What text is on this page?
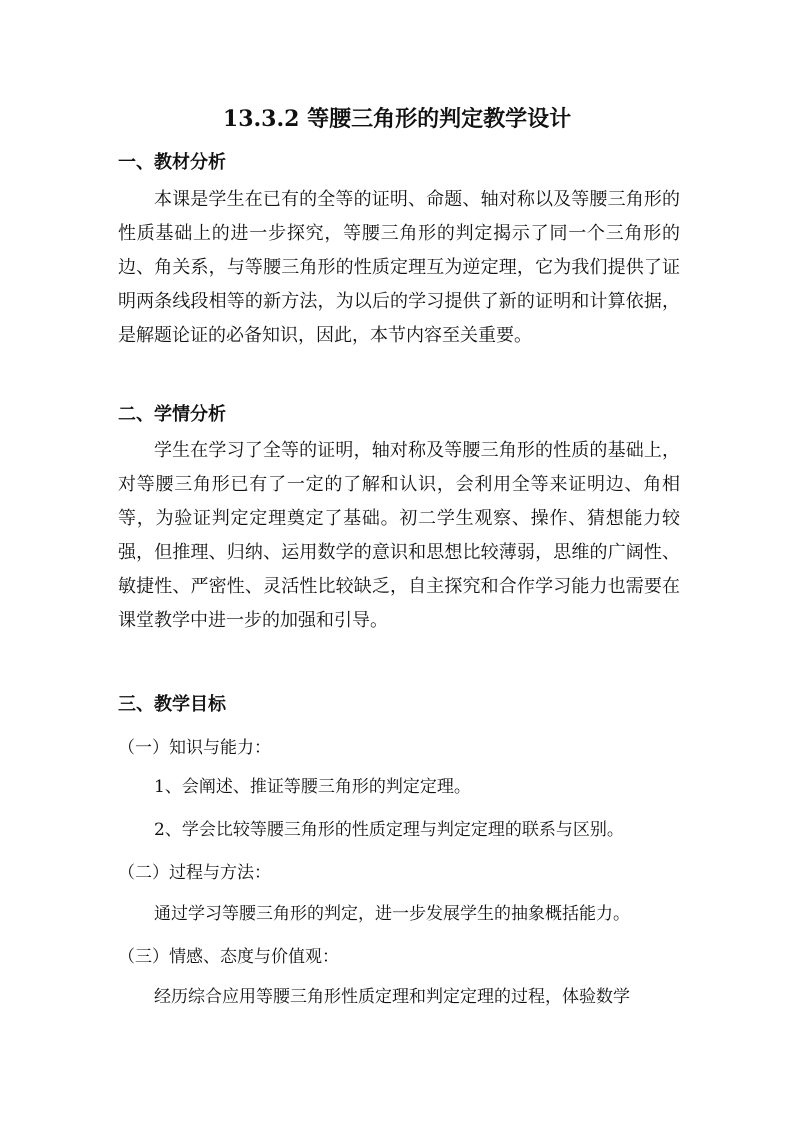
13.3.2 等腰三角形的判定教学设计
一、教材分析

本课是学生在已有的全等的证明、命题、轴对称以及等腰三角形的性质基础上的进一步探究，等腰三角形的判定揭示了同一个三角形的边、角关系，与等腰三角形的性质定理互为逆定理，它为我们提供了证明两条线段相等的新方法，为以后的学习提供了新的证明和计算依据，是解题论证的必备知识，因此，本节内容至关重要。

二、学情分析

学生在学习了全等的证明，轴对称及等腰三角形的性质的基础上，对等腰三角形已有了一定的了解和认识，会利用全等来证明边、角相等，为验证判定定理奠定了基础。初二学生观察、操作、猜想能力较强，但推理、归纳、运用数学的意识和思想比较薄弱，思维的广阔性、敏捷性、严密性、灵活性比较缺乏，自主探究和合作学习能力也需要在课堂教学中进一步的加强和引导。

三、教学目标
（一）知识与能力：
1、会阐述、推证等腰三角形的判定定理。
2、学会比较等腰三角形的性质定理与判定定理的联系与区别。
（二）过程与方法：
通过学习等腰三角形的判定，进一步发展学生的抽象概括能力。
（三）情感、态度与价值观：
经历综合应用等腰三角形性质定理和判定定理的过程，体验数学
